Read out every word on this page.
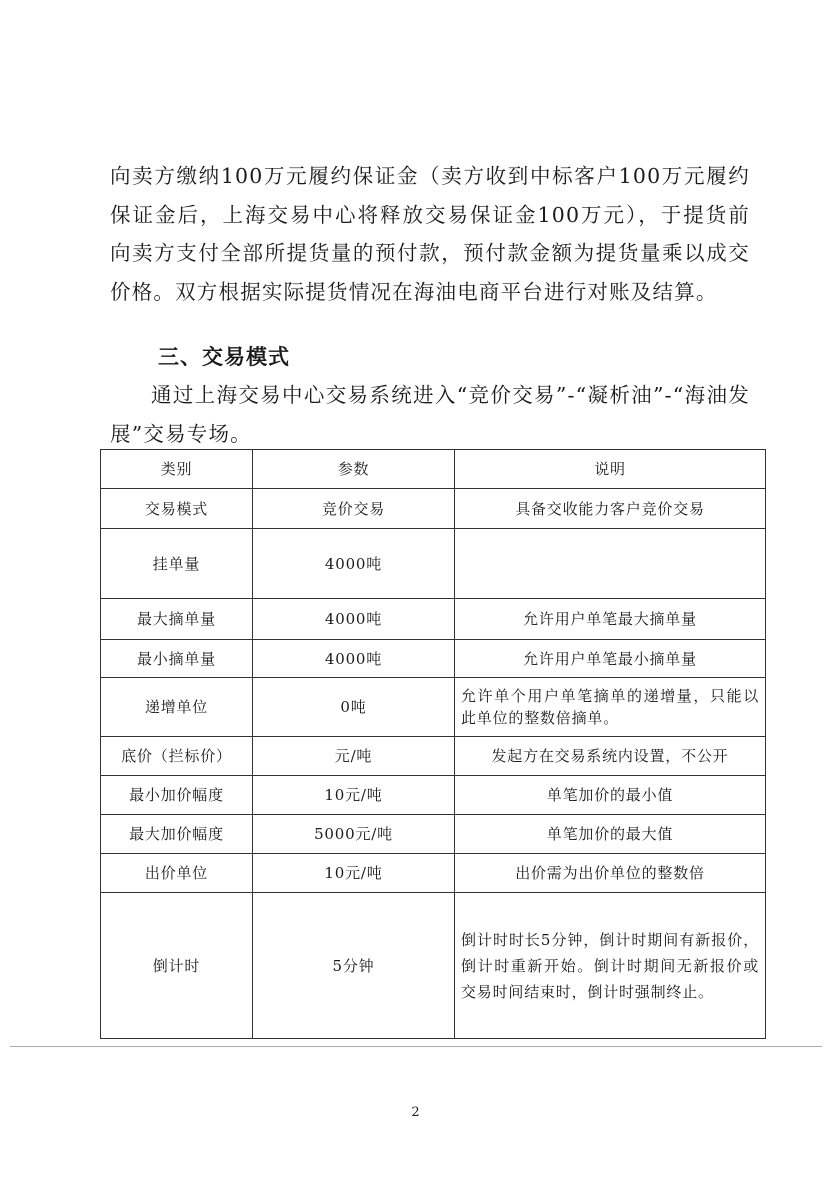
向卖方缴纳100万元履约保证金（卖方收到中标客户100万元履约保证金后，上海交易中心将释放交易保证金100万元），于提货前向卖方支付全部所提货量的预付款，预付款金额为提货量乘以成交价格。双方根据实际提货情况在海油电商平台进行对账及结算。

三、交易模式

通过上海交易中心交易系统进入“竞价交易”-“凝析油”-“海油发展”交易专场。

类别	参数	说明
交易模式	竞价交易	具备交收能力客户竞价交易
挂单量	4000吨	
最大摘单量	4000吨	允许用户单笔最大摘单量
最小摘单量	4000吨	允许用户单笔最小摘单量
递增单位	0吨	允许单个用户单笔摘单的递增量，只能以此单位的整数倍摘单。
底价（拦标价）	元/吨	发起方在交易系统内设置，不公开
最小加价幅度	10元/吨	单笔加价的最小值
最大加价幅度	5000元/吨	单笔加价的最大值
出价单位	10元/吨	出价需为出价单位的整数倍
倒计时	5分钟	倒计时时长5分钟，倒计时期间有新报价，倒计时重新开始。倒计时期间无新报价或交易时间结束时，倒计时强制终止。
2
